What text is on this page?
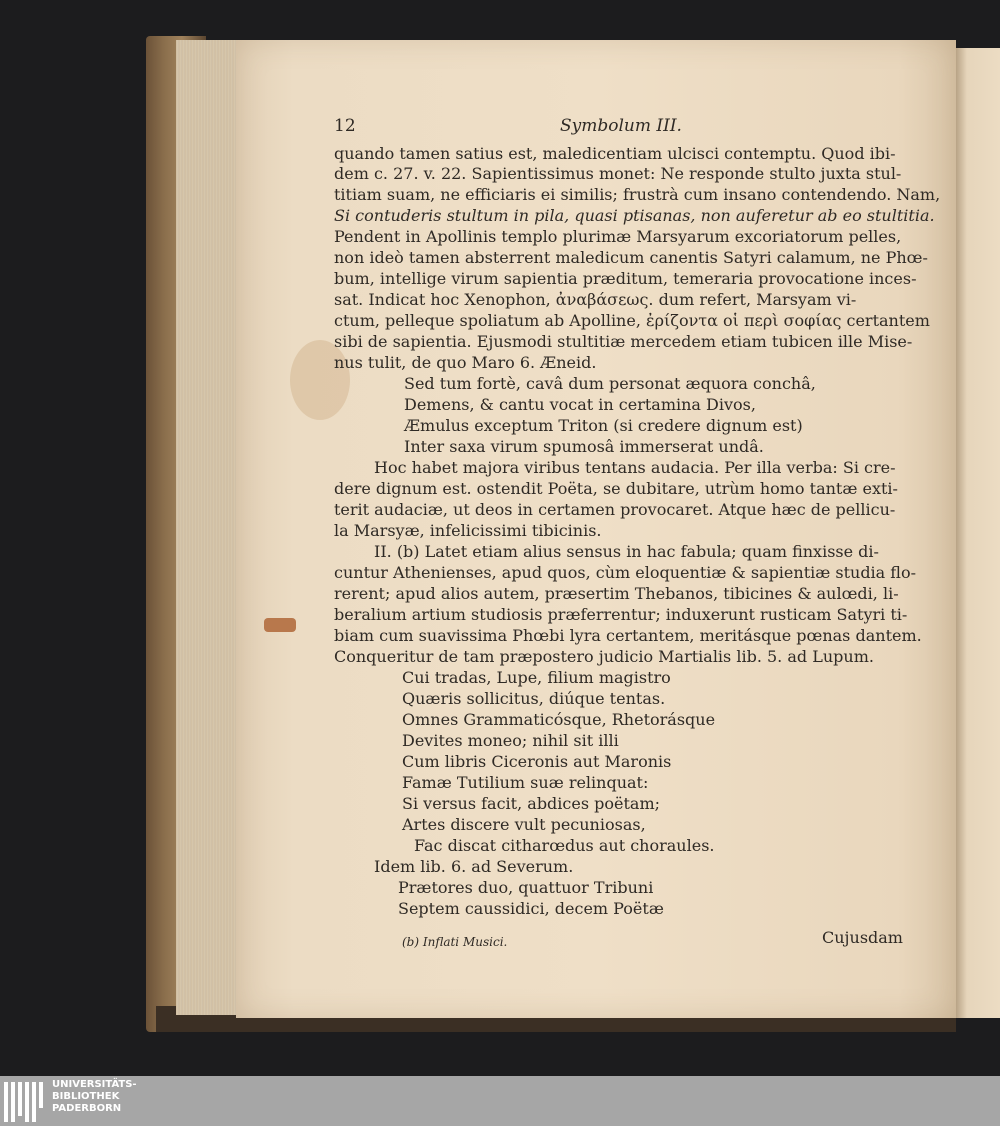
12	Symbolum III.
quando tamen satius est, maledicentiam ulcisci contemptu. Quod ibi-
dem c. 27. v. 22. Sapientissimus monet: Ne responde stulto juxta stul-
titiam suam, ne efficiaris ei similis; frustrà cum insano contendendo. Nam,
Si contuderis stultum in pila, quasi ptisanas, non auferetur ab eo stultitia.
Pendent in Apollinis templo plurimæ Marsyarum excoriatorum pelles,
non ideò tamen absterrent maledicum canentis Satyri calamum, ne Phœ-
bum, intellige virum sapientia præditum, temeraria provocatione inces-
sat. Indicat hoc Xenophon, ἀναβάσεως. dum refert, Marsyam vi-
ctum, pelleque spoliatum ab Apolline, ἐρίζοντα οἱ περὶ σοφίας certantem
sibi de sapientia. Ejusmodi stultitiæ mercedem etiam tubicen ille Mise-
nus tulit, de quo Maro 6. Æneid.
Sed tum fortè, cavâ dum personat æquora conchâ,
Demens, & cantu vocat in certamina Divos,
Æmulus exceptum Triton (si credere dignum est)
Inter saxa virum spumosâ immerserat undâ.
Hoc habet majora viribus tentans audacia. Per illa verba: Si cre-
dere dignum est. ostendit Poëta, se dubitare, utrùm homo tantæ exti-
terit audaciæ, ut deos in certamen provocaret. Atque hæc de pellicu-
la Marsyæ, infelicissimi tibicinis.
II. (b) Latet etiam alius sensus in hac fabula; quam finxisse di-
cuntur Athenienses, apud quos, cùm eloquentiæ & sapientiæ studia flo-
rerent; apud alios autem, præsertim Thebanos, tibicines & aulœdi, li-
beralium artium studiosis præferrentur; induxerunt rusticam Satyri ti-
biam cum suavissima Phœbi lyra certantem, meritásque pœnas dantem.
Conqueritur de tam præpostero judicio Martialis lib. 5. ad Lupum.
Cui tradas, Lupe, filium magistro
Quæris sollicitus, diúque tentas.
Omnes Grammaticósque, Rhetorásque
Devites moneo; nihil sit illi
Cum libris Ciceronis aut Maronis
Famæ Tutilium suæ relinquat:
Si versus facit, abdices poëtam;
Artes discere vult pecuniosas,
Fac discat citharœdus aut choraules.
Idem lib. 6. ad Severum.
Prætores duo, quattuor Tribuni
Septem caussidici, decem Poëtæ
(b) Inflati Musici.	Cujusdam
UNIVERSITÄTS-
BIBLIOTHEK
PADERBORN
